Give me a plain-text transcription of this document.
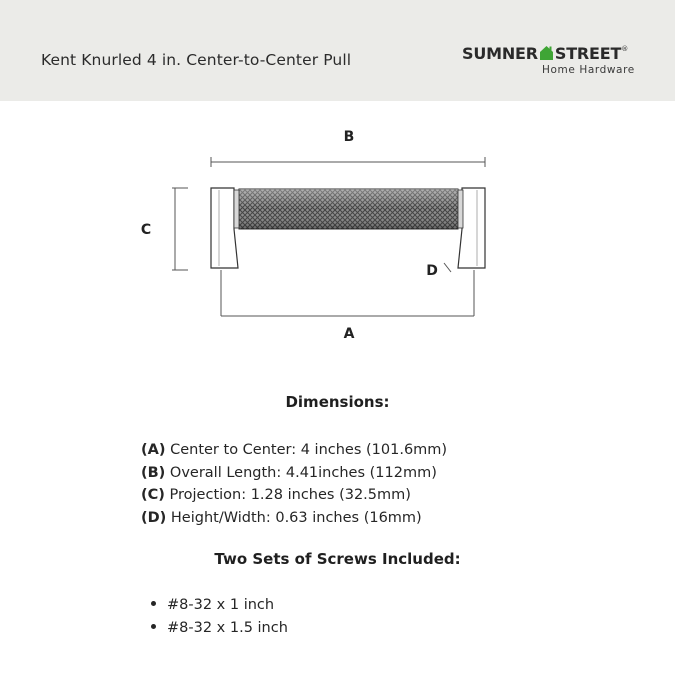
Kent Knurled 4 in. Center-to-Center Pull	SUMNER STREET®
Home Hardware
B
C
A
D
Dimensions:
(A) Center to Center: 4 inches (101.6mm)
(B) Overall Length: 4.41inches (112mm)
(C) Projection: 1.28 inches (32.5mm)
(D) Height/Width: 0.63 inches (16mm)
Two Sets of Screws Included:
#8-32 x 1 inch
#8-32 x 1.5 inch
